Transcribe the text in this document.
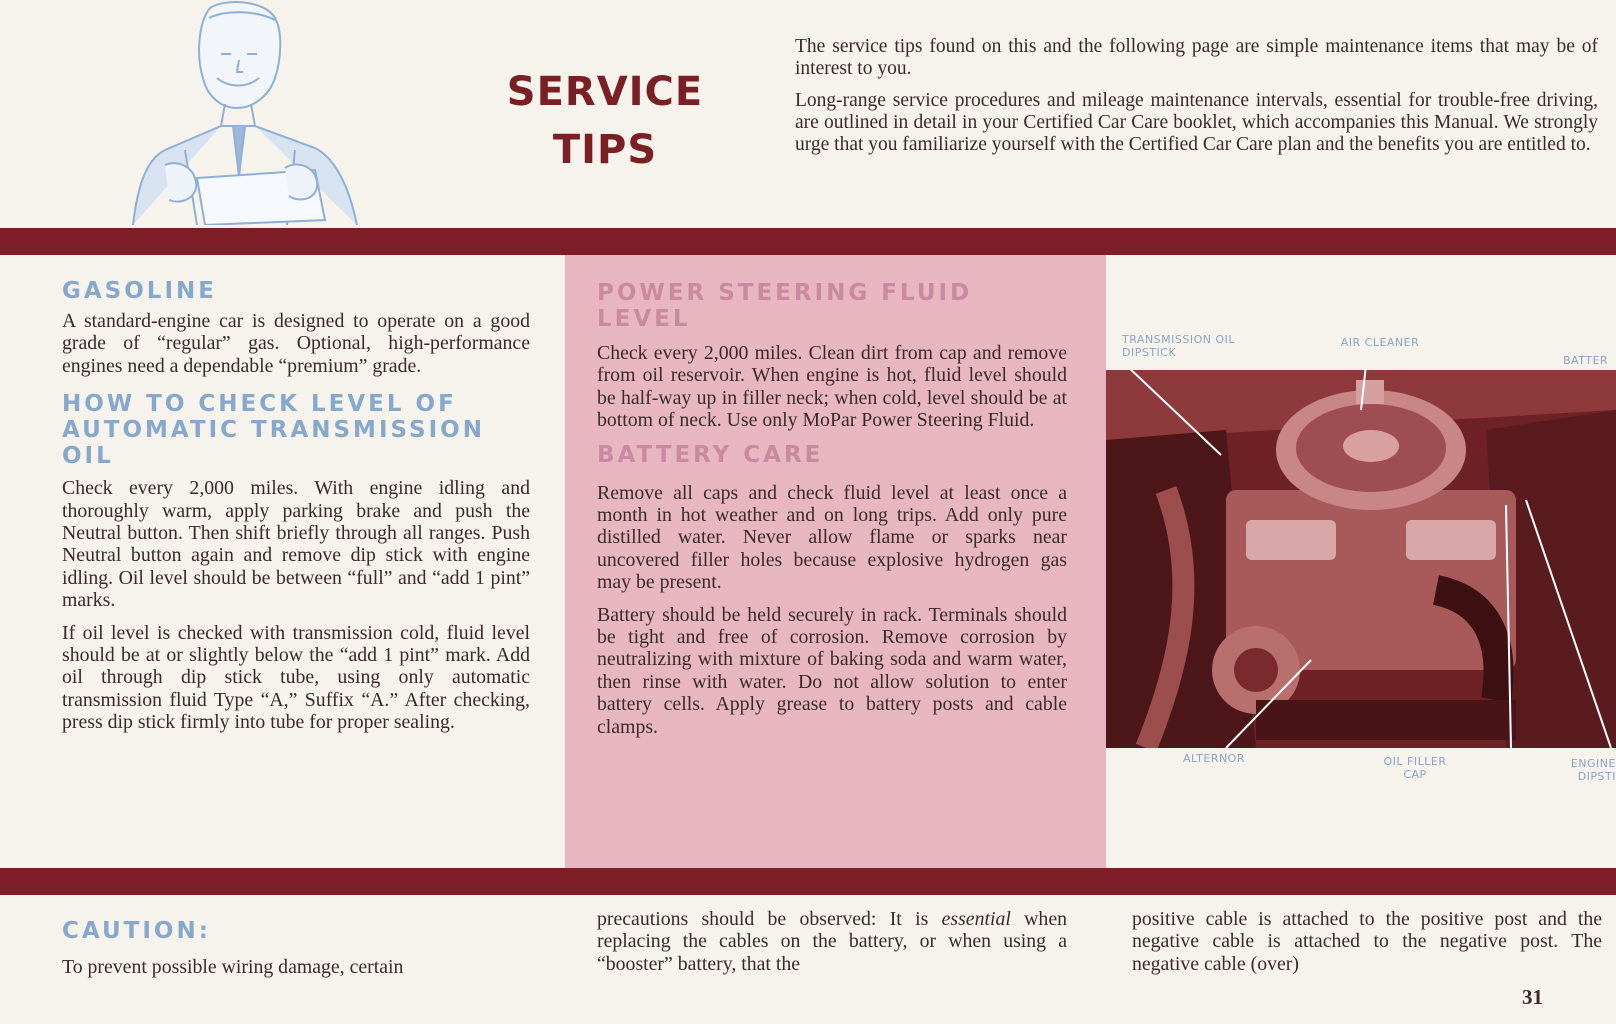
SERVICE
TIPS

The service tips found on this and the following page are simple maintenance items that may be of interest to you.

Long-range service procedures and mileage maintenance intervals, essential for trouble-free driving, are outlined in detail in your Certified Car Care booklet, which accompanies this Manual. We strongly urge that you familiarize yourself with the Certified Car Care plan and the benefits you are entitled to.

GASOLINE

A standard-engine car is designed to operate on a good grade of “regular” gas. Optional, high-performance engines need a dependable “premium” grade.

HOW TO CHECK LEVEL OF AUTOMATIC TRANSMISSION OIL

Check every 2,000 miles. With engine idling and thoroughly warm, apply parking brake and push the Neutral button. Then shift briefly through all ranges. Push Neutral button again and remove dip stick with engine idling. Oil level should be between “full” and “add 1 pint” marks.

If oil level is checked with transmission cold, fluid level should be at or slightly below the “add 1 pint” mark. Add oil through dip stick tube, using only automatic transmission fluid Type “A,” Suffix “A.” After checking, press dip stick firmly into tube for proper sealing.

POWER STEERING FLUID LEVEL

Check every 2,000 miles. Clean dirt from cap and remove from oil reservoir. When engine is hot, fluid level should be half-way up in filler neck; when cold, level should be at bottom of neck. Use only MoPar Power Steering Fluid.

BATTERY CARE

Remove all caps and check fluid level at least once a month in hot weather and on long trips. Add only pure distilled water. Never allow flame or sparks near uncovered filler holes because explosive hydrogen gas may be present.

Battery should be held securely in rack. Terminals should be tight and free of corrosion. Remove corrosion by neutralizing with mixture of baking soda and warm water, then rinse with water. Do not allow solution to enter battery cells. Apply grease to battery posts and cable clamps.

TRANSMISSION OIL DIPSTICK
AIR CLEANER
BATTER
ALTERNOR	OIL FILLER CAP
ENGINE DIPSTI
CAUTION:
To prevent possible wiring damage, certain
precautions should be observed: It is essential when replacing the cables on the battery, or when using a “booster” battery, that the
positive cable is attached to the positive post and the negative cable is attached to the negative post. The negative cable (over)
31
